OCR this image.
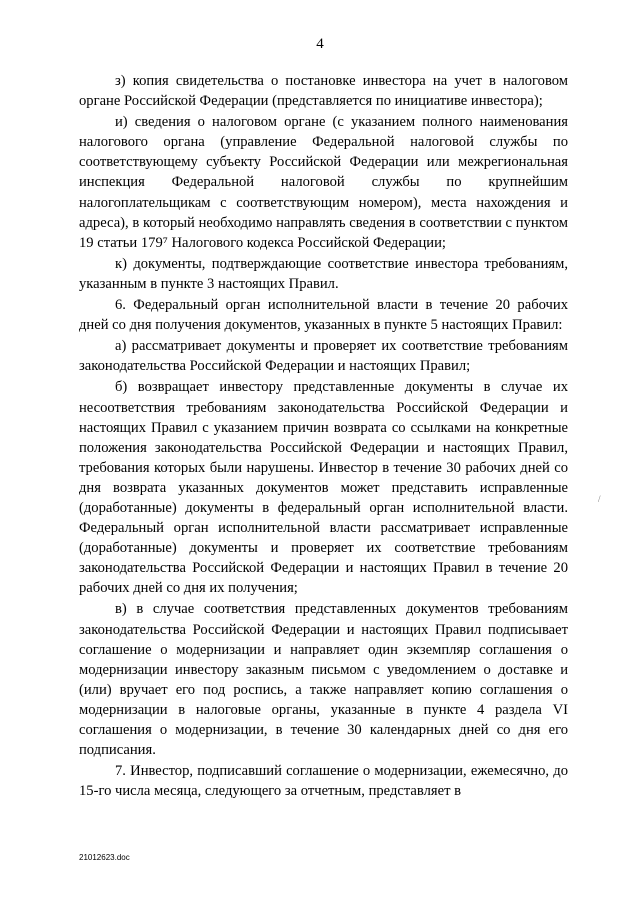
4

з) копия свидетельства о постановке инвестора на учет в налоговом органе Российской Федерации (представляется по инициативе инвестора);

и) сведения о налоговом органе (с указанием полного наименования налогового органа (управление Федеральной налоговой службы по соответствующему субъекту Российской Федерации или межрегиональная инспекция Федеральной налоговой службы по крупнейшим налогоплательщикам с соответствующим номером), места нахождения и адреса), в который необходимо направлять сведения в соответствии с пунктом 19 статьи 179⁷ Налогового кодекса Российской Федерации;

к) документы, подтверждающие соответствие инвестора требованиям, указанным в пункте 3 настоящих Правил.

6. Федеральный орган исполнительной власти в течение 20 рабочих дней со дня получения документов, указанных в пункте 5 настоящих Правил:

а) рассматривает документы и проверяет их соответствие требованиям законодательства Российской Федерации и настоящих Правил;

б) возвращает инвестору представленные документы в случае их несоответствия требованиям законодательства Российской Федерации и настоящих Правил с указанием причин возврата со ссылками на конкретные положения законодательства Российской Федерации и настоящих Правил, требования которых были нарушены. Инвестор в течение 30 рабочих дней со дня возврата указанных документов может представить исправленные (доработанные) документы в федеральный орган исполнительной власти. Федеральный орган исполнительной власти рассматривает исправленные (доработанные) документы и проверяет их соответствие требованиям законодательства Российской Федерации и настоящих Правил в течение 20 рабочих дней со дня их получения;

в) в случае соответствия представленных документов требованиям законодательства Российской Федерации и настоящих Правил подписывает соглашение о модернизации и направляет один экземпляр соглашения о модернизации инвестору заказным письмом с уведомлением о доставке и (или) вручает его под роспись, а также направляет копию соглашения о модернизации в налоговые органы, указанные в пункте 4 раздела VI соглашения о модернизации, в течение 30 календарных дней со дня его подписания.

7. Инвестор, подписавший соглашение о модернизации, ежемесячно, до 15-го числа месяца, следующего за отчетным, представляет в

/
21012623.doc
